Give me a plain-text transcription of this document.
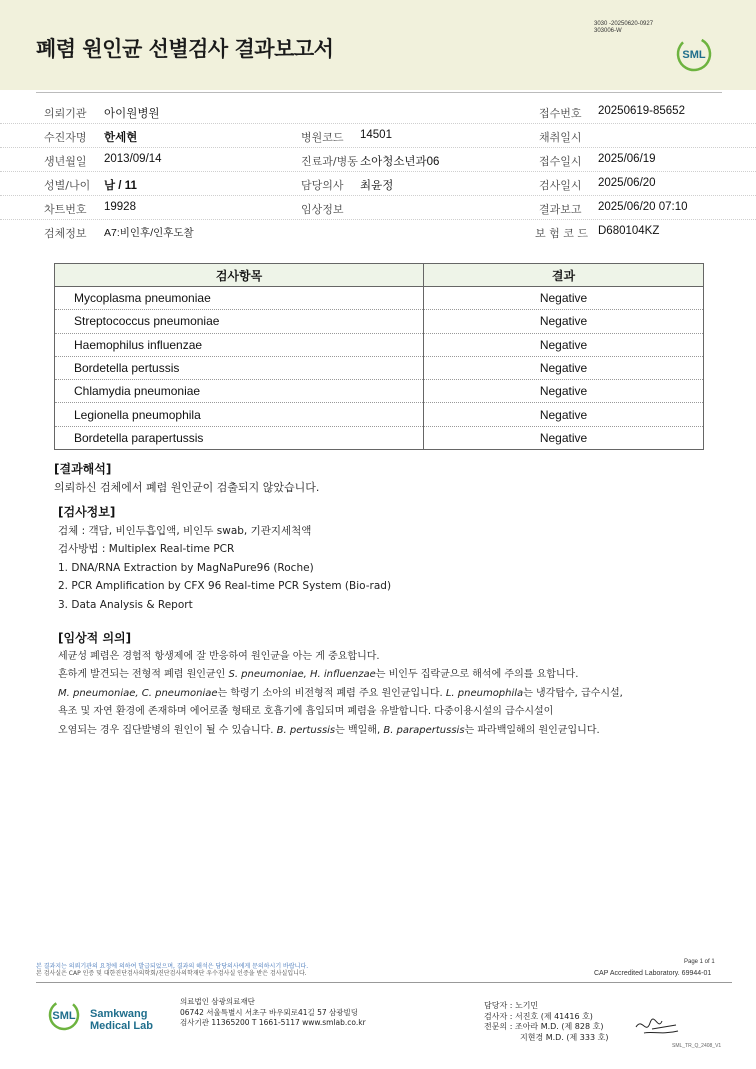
폐렴 원인균 선별검사 결과보고서
3030 -20250620-0927
303006-W
SML
의뢰기관 아이원병원	접수번호 20250619-85652
수진자명 한세현	병원코드 14501	채취일시
생년월일 2013/09/14	진료과/병동 소아청소년과06	접수일시 2025/06/19
성별/나이 남 / 11	담당의사 최윤정	검사일시 2025/06/20
차트번호 19928	임상정보	결과보고 2025/06/20 07:10
검체정보 A7:비인후/인후도찰	보 험 코 드 D680104KZ
검사항목	결과
Mycoplasma pneumoniae	Negative
Streptococcus pneumoniae	Negative
Haemophilus influenzae	Negative
Bordetella pertussis	Negative
Chlamydia pneumoniae	Negative
Legionella pneumophila	Negative
Bordetella parapertussis	Negative
[결과해석]
의뢰하신 검체에서 폐렴 원인균이 검출되지 않았습니다.
[검사정보]
검체 : 객담, 비인두흡입액, 비인두 swab, 기관지세척액
검사방법 : Multiplex Real-time PCR
1. DNA/RNA Extraction by MagNaPure96 (Roche)
2. PCR Amplification by CFX 96 Real-time PCR System (Bio-rad)
3. Data Analysis & Report
[임상적 의의]
세균성 폐렴은 경험적 항생제에 잘 반응하여 원인균을 아는 게 중요합니다.
흔하게 발견되는 전형적 폐렴 원인균인 S. pneumoniae, H. influenzae는 비인두 집락균으로 해석에 주의를 요합니다.
M. pneumoniae, C. pneumoniae는 학령기 소아의 비전형적 폐렴 주요 원인균입니다. L. pneumophila는 냉각탑수, 급수시설,
욕조 및 자연 환경에 존재하며 에어로졸 형태로 호흡기에 흡입되며 폐렴을 유발합니다. 다중이용시설의 급수시설이
오염되는 경우 집단발병의 원인이 될 수 있습니다. B. pertussis는 백일해, B. parapertussis는 파라백일해의 원인균입니다.
Page 1 of 1
본 결과지는 의뢰기관의 요청에 의하여 발급되었으며, 결과의 해석은 담당의사에게 문의하시기 바랍니다.
본 검사실은 CAP 인증 및 대한진단검사의학회/진단검사의학재단 우수검사실 인증을 받은 검사실입니다.	CAP Accredited Laboratory. 69944-01
SML Samkwang
Medical Lab
의료법인 삼광의료재단
06742 서울특별시 서초구 바우뫼로41길 57 삼광빌딩
검사기관 11365200 T 1661-5117 www.smlab.co.kr
담당자 : 노기민
검사자 : 서진호 (제 41416 호)
전문의 : 조아라 M.D. (제 828 호)
지현경 M.D. (제 333 호)
SML_TR_Q_2408_V1
